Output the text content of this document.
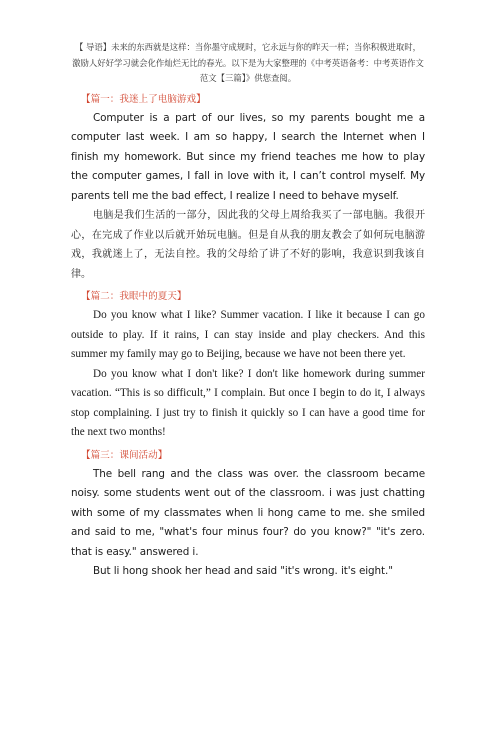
【 导语】未来的东西就是这样：当你墨守成规时，它永远与你的昨天一样；当你积极进取时，激励人好好学习就会化作灿烂无比的春光。以下是为大家整理的《中考英语备考：中考英语作文范文【三篇】》供您查阅。

【篇一：我迷上了电脑游戏】

Computer is a part of our lives, so my parents bought me a computer last week. I am so happy, I search the Internet when I finish my homework. But since my friend teaches me how to play the computer games, I fall in love with it, I can’t control myself. My parents tell me the bad effect, I realize I need to behave myself.

电脑是我们生活的一部分，因此我的父母上周给我买了一部电脑。我很开心，在完成了作业以后就开始玩电脑。但是自从我的朋友教会了如何玩电脑游戏，我就迷上了，无法自控。我的父母给了讲了不好的影响，我意识到我该自律。

【篇二：我眼中的夏天】

Do you know what I like? Summer vacation. I like it because I can go outside to play. If it rains, I can stay inside and play checkers. And this summer my family may go to Beijing, because we have not been there yet.

Do you know what I don't like? I don't like homework during summer vacation. “This is so difficult,” I complain. But once I begin to do it, I always stop complaining. I just try to finish it quickly so I can have a good time for the next two months!

【篇三：课间活动】

The bell rang and the class was over. the classroom became noisy. some students went out of the classroom. i was just chatting with some of my classmates when li hong came to me. she smiled and said to me, "what's four minus four? do you know?" "it's zero. that is easy." answered i.

But li hong shook her head and said "it's wrong. it's eight."
